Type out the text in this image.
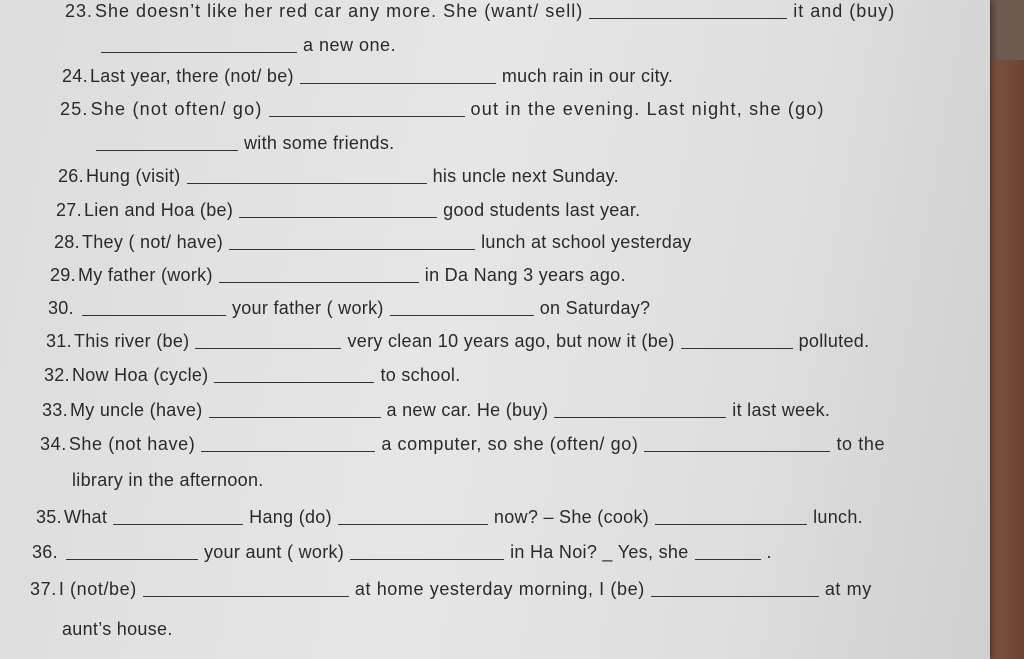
23. She doesn’t like her red car any more. She (want/ sell)	it and (buy)
a new one.
24. Last year, there (not/ be)	much rain in our city.
25. She (not often/ go)	out in the evening. Last night, she (go)
with some friends.
26. Hung (visit)	his uncle next Sunday.
27. Lien and Hoa (be)	good students last year.
28. They ( not/ have)	lunch at school yesterday
29. My father (work)	in Da Nang 3 years ago.
30.	your father ( work)	on Saturday?
31. This river (be)	very clean 10 years ago, but now it (be)	polluted.
32. Now Hoa (cycle)	to school.
33. My uncle (have)	a new car. He (buy)	it last week.
34. She (not have)	a computer, so she (often/ go)	to the
library in the afternoon.
35. What	Hang (do)	now? – She (cook)	lunch.
36.	your aunt ( work)	in Ha Noi? _ Yes, she	.
37. I (not/be)	at home yesterday morning, I (be)	at my
aunt’s house.
